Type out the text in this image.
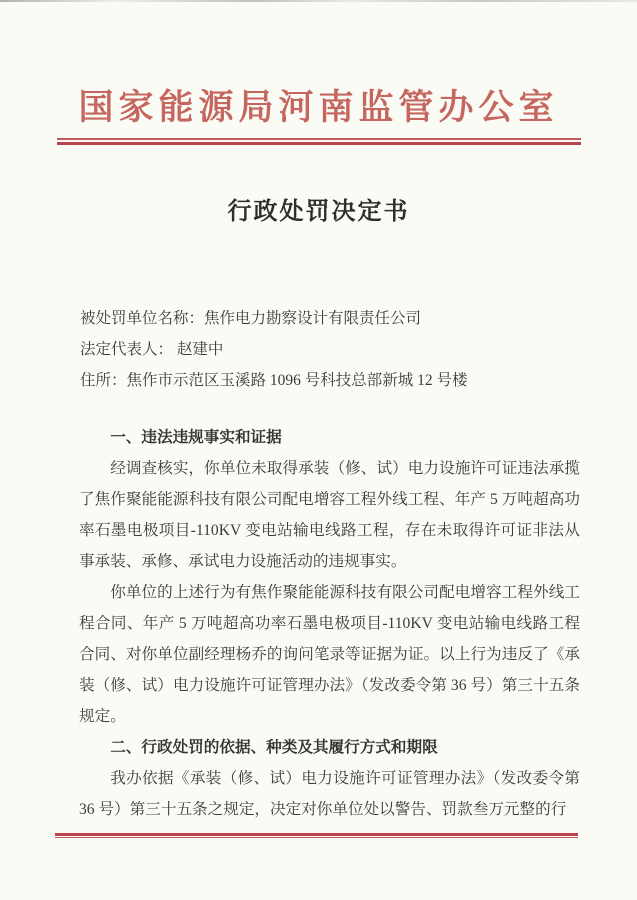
国家能源局河南监管办公室
行政处罚决定书

被处罚单位名称：焦作电力勘察设计有限责任公司

法定代表人： 赵建中

住所：焦作市示范区玉溪路 1096 号科技总部新城 12 号楼

一、违法违规事实和证据

经调查核实，你单位未取得承装（修、试）电力设施许可证违法承揽了焦作聚能能源科技有限公司配电增容工程外线工程、年产 5 万吨超高功率石墨电极项目-110KV 变电站输电线路工程，存在未取得许可证非法从事承装、承修、承试电力设施活动的违规事实。

你单位的上述行为有焦作聚能能源科技有限公司配电增容工程外线工程合同、年产 5 万吨超高功率石墨电极项目-110KV 变电站输电线路工程合同、对你单位副经理杨乔的询问笔录等证据为证。以上行为违反了《承装（修、试）电力设施许可证管理办法》（发改委令第 36 号）第三十五条规定。

二、行政处罚的依据、种类及其履行方式和期限

我办依据《承装（修、试）电力设施许可证管理办法》（发改委令第 36 号）第三十五条之规定，决定对你单位处以警告、罚款叁万元整的行
